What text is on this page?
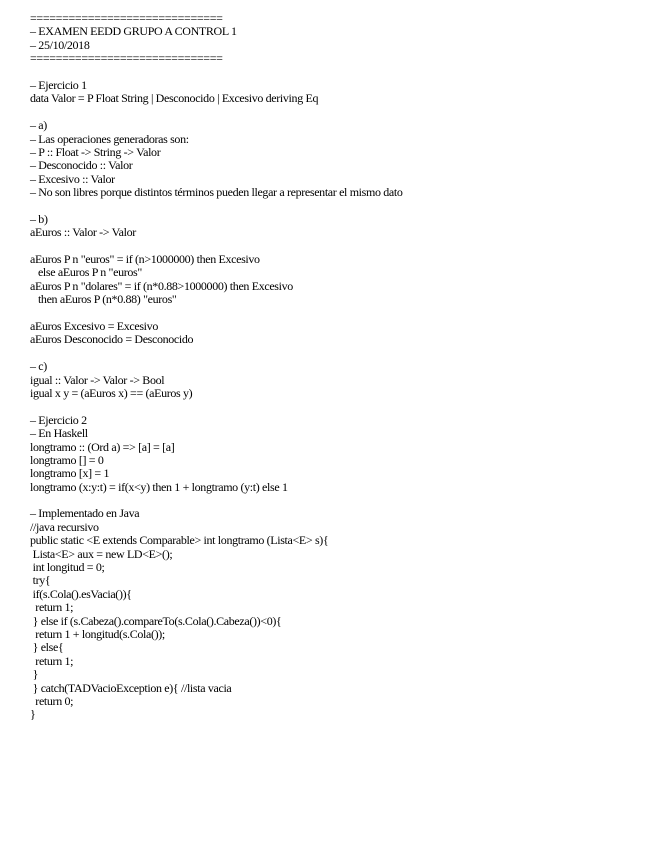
==============================
– EXAMEN EEDD GRUPO A CONTROL 1
– 25/10/2018
==============================
– Ejercicio 1
data Valor = P Float String | Desconocido | Excesivo deriving Eq
– a)
– Las operaciones generadoras son:
– P :: Float -> String -> Valor
– Desconocido :: Valor
– Excesivo :: Valor
– No son libres porque distintos términos pueden llegar a representar el mismo dato
– b)
aEuros :: Valor -> Valor
aEuros P n "euros" = if (n>1000000) then Excesivo
else aEuros P n "euros"
aEuros P n "dolares" = if (n*0.88>1000000) then Excesivo
then aEuros P (n*0.88) "euros"
aEuros Excesivo = Excesivo
aEuros Desconocido = Desconocido
– c)
igual :: Valor -> Valor -> Bool
igual x y = (aEuros x) == (aEuros y)
– Ejercicio 2
– En Haskell
longtramo :: (Ord a) => [a] = [a]
longtramo [] = 0
longtramo [x] = 1
longtramo (x:y:t) = if(x<y) then 1 + longtramo (y:t) else 1
– Implementado en Java
//java recursivo
public static <E extends Comparable> int longtramo (Lista<E> s){
Lista<E> aux = new LD<E>();
int longitud = 0;
try{
if(s.Cola().esVacia()){
return 1;
} else if (s.Cabeza().compareTo(s.Cola().Cabeza())<0){
return 1 + longitud(s.Cola());
} else{
return 1;
}
} catch(TADVacioException e){ //lista vacia
return 0;
}
